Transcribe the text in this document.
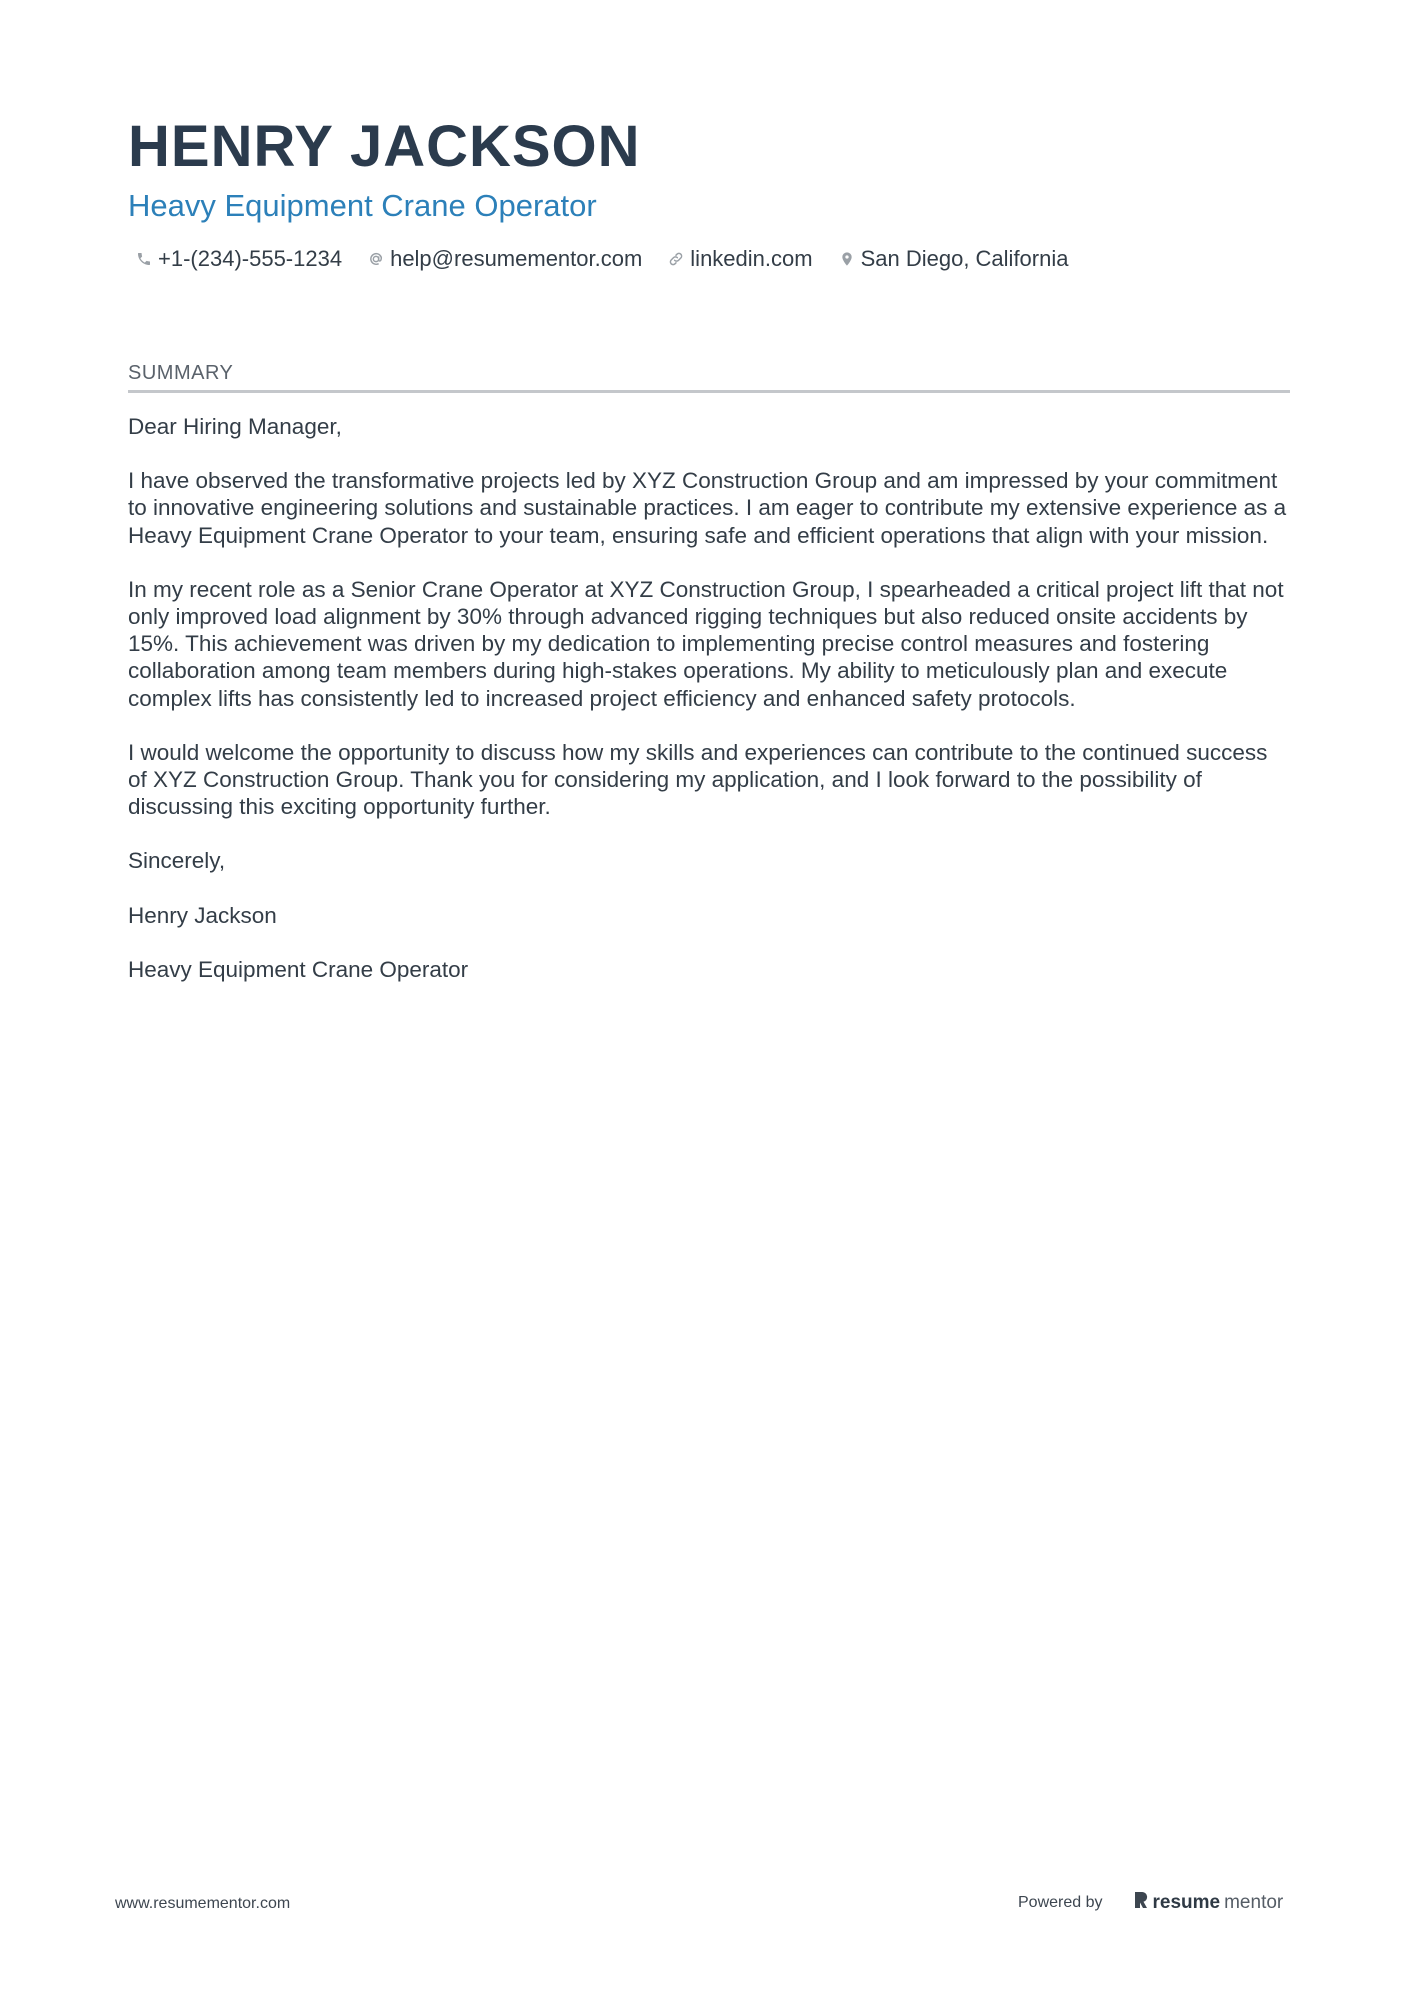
HENRY JACKSON
Heavy Equipment Crane Operator
+1-(234)-555-1234 help@resumementor.com linkedin.com San Diego, California
SUMMARY

Dear Hiring Manager,

I have observed the transformative projects led by XYZ Construction Group and am impressed by your commitment to innovative engineering solutions and sustainable practices. I am eager to contribute my extensive experience as a Heavy Equipment Crane Operator to your team, ensuring safe and efficient operations that align with your mission.

In my recent role as a Senior Crane Operator at XYZ Construction Group, I spearheaded a critical project lift that not only improved load alignment by 30% through advanced rigging techniques but also reduced onsite accidents by 15%. This achievement was driven by my dedication to implementing precise control measures and fostering collaboration among team members during high-stakes operations. My ability to meticulously plan and execute complex lifts has consistently led to increased project efficiency and enhanced safety protocols.

I would welcome the opportunity to discuss how my skills and experiences can contribute to the continued success of XYZ Construction Group. Thank you for considering my application, and I look forward to the possibility of discussing this exciting opportunity further.

Sincerely,

Henry Jackson

Heavy Equipment Crane Operator

www.resumementor.com	Powered by	resume mentor
